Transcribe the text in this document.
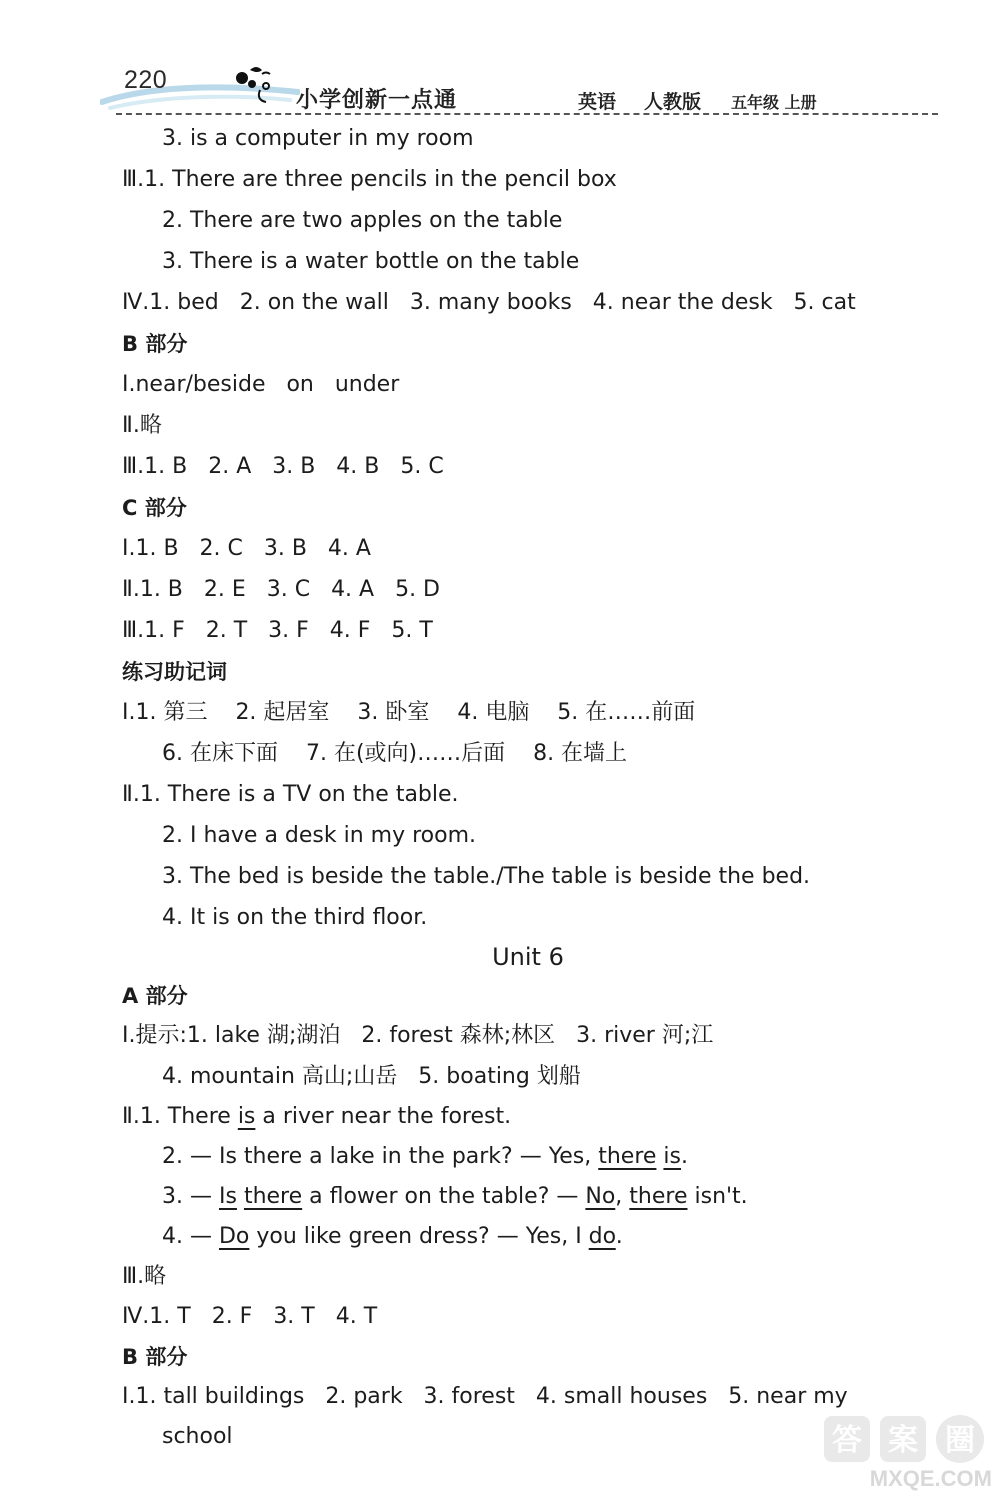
220
小学创新一点通	英语 人教版 五年级 上册
3. is a computer in my room
Ⅲ.1. There are three pencils in the pencil box
2. There are two apples on the table
3. There is a water bottle on the table
Ⅳ.1. bed   2. on the wall   3. many books   4. near the desk   5. cat
B 部分
Ⅰ.near/beside   on   under
Ⅱ.略
Ⅲ.1. B   2. A   3. B   4. B   5. C
C 部分
Ⅰ.1. B   2. C   3. B   4. A
Ⅱ.1. B   2. E   3. C   4. A   5. D
Ⅲ.1. F   2. T   3. F   4. F   5. T
练习助记词
Ⅰ.1. 第三    2. 起居室    3. 卧室    4. 电脑    5. 在……前面
6. 在床下面    7. 在(或向)……后面    8. 在墙上
Ⅱ.1. There is a TV on the table.
2. I have a desk in my room.
3. The bed is beside the table./The table is beside the bed.
4. It is on the third floor.
Unit 6
A 部分
Ⅰ.提示:1. lake 湖;湖泊   2. forest 森林;林区   3. river 河;江
4. mountain 高山;山岳   5. boating 划船
Ⅱ.1. There is a river near the forest.
2. — Is there a lake in the park? — Yes, there is.
3. — Is there a flower on the table? — No, there isn't.
4. — Do you like green dress? — Yes, I do.
Ⅲ.略
Ⅳ.1. T   2. F   3. T   4. T
B 部分
Ⅰ.1. tall buildings   2. park   3. forest   4. small houses   5. near my
school	答 案 圈
MXQE.COM
